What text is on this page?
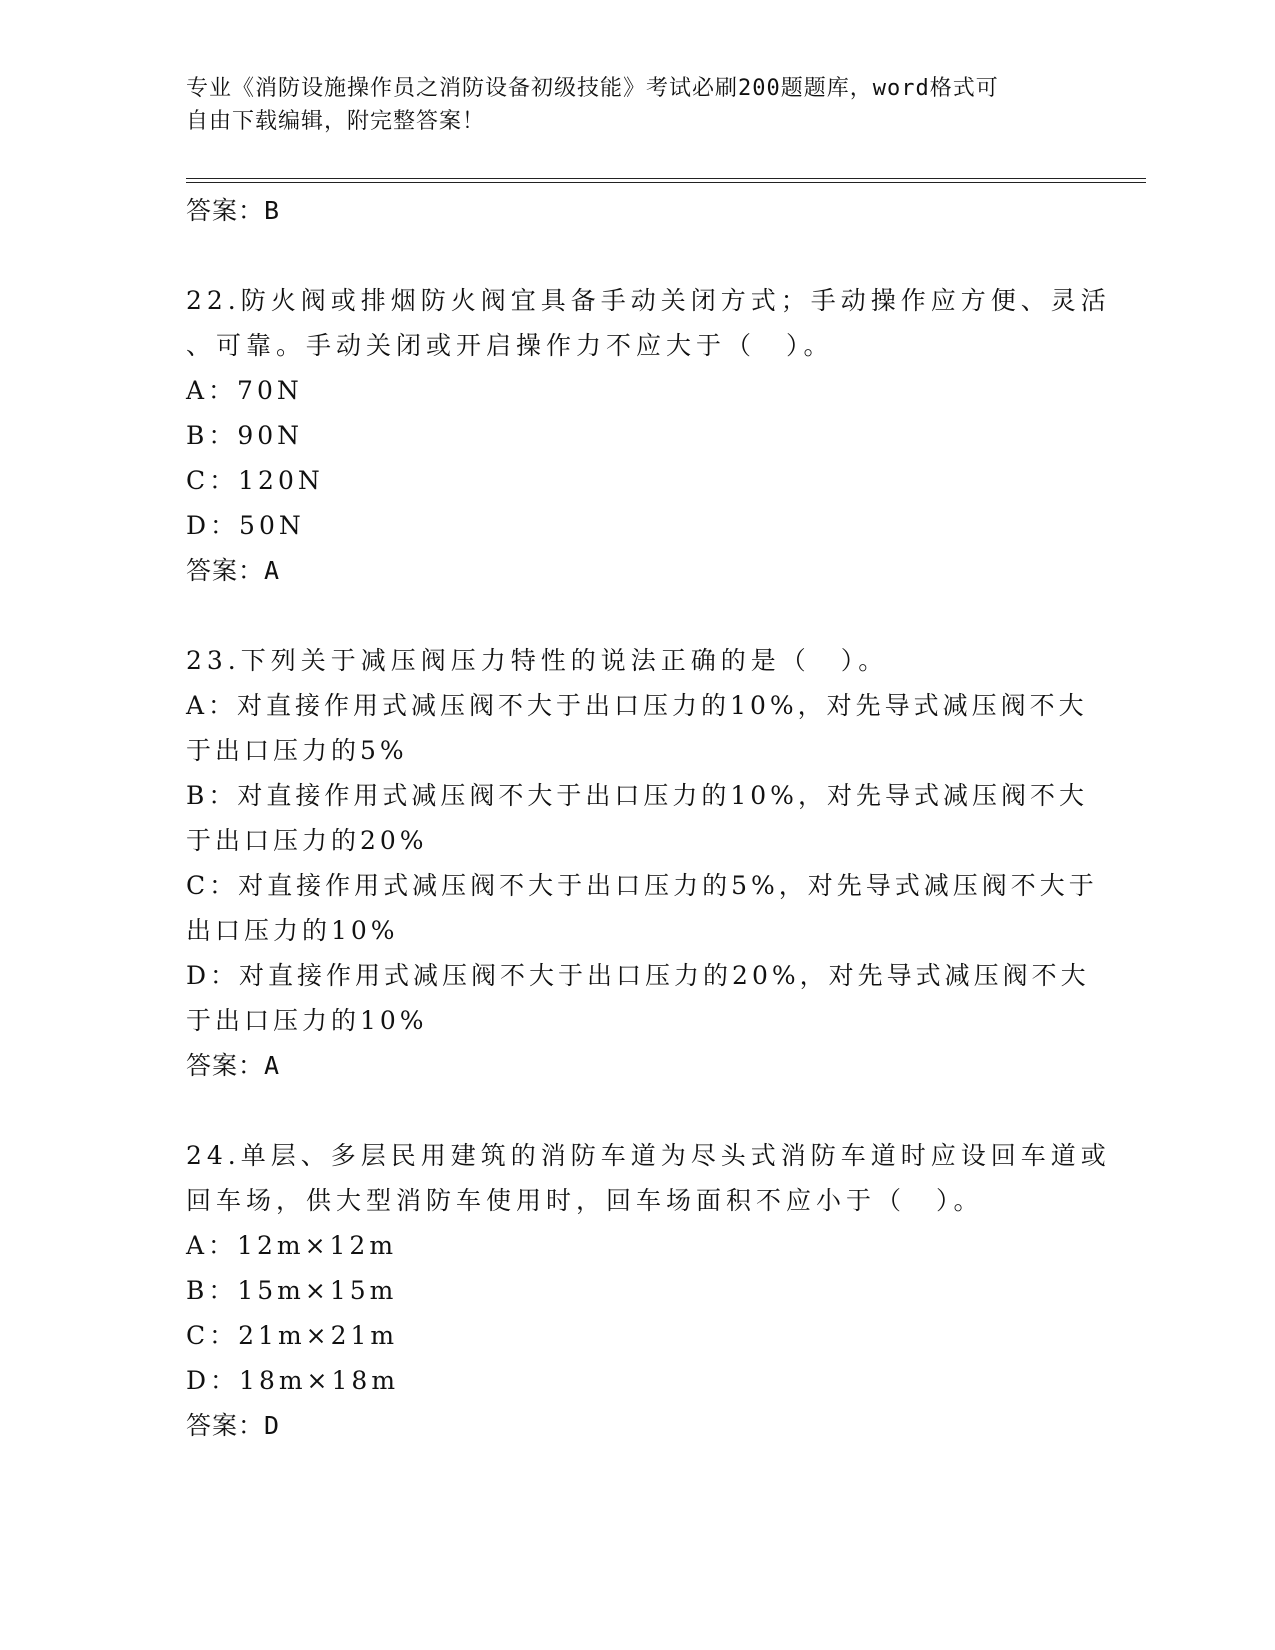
专业《消防设施操作员之消防设备初级技能》考试必刷200题题库，word格式可
自由下载编辑，附完整答案！
答案：B
22.防火阀或排烟防火阀宜具备手动关闭方式；手动操作应方便、灵活
、可靠。手动关闭或开启操作力不应大于（　）。
A：70N
B：90N
C：120N
D：50N
答案：A
23.下列关于减压阀压力特性的说法正确的是（　）。
A：对直接作用式减压阀不大于出口压力的10%，对先导式减压阀不大
于出口压力的5%
B：对直接作用式减压阀不大于出口压力的10%，对先导式减压阀不大
于出口压力的20%
C：对直接作用式减压阀不大于出口压力的5%，对先导式减压阀不大于
出口压力的10%
D：对直接作用式减压阀不大于出口压力的20%，对先导式减压阀不大
于出口压力的10%
答案：A
24.单层、多层民用建筑的消防车道为尽头式消防车道时应设回车道或
回车场，供大型消防车使用时，回车场面积不应小于（　）。
A：12m×12m
B：15m×15m
C：21m×21m
D：18m×18m
答案：D
